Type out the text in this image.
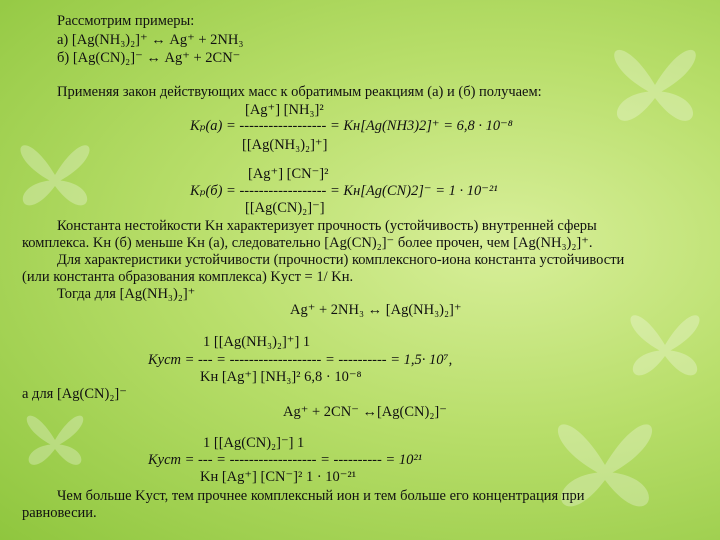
Рассмотрим примеры:
а) [Ag(NH₃)₂]⁺ ↔ Ag⁺ + 2NH₃
б) [Ag(CN)₂]⁻ ↔ Ag⁺ + 2CN⁻
Применяя закон действующих масс к обратимым реакциям (а) и (б) получаем:
[Ag⁺] [NH₃]²
Kₚ(а) = ------------------ = Kн[Ag(NH3)2]⁺ = 6,8 · 10⁻⁸
[[Ag(NH₃)₂]⁺]
[Ag⁺] [CN⁻]²
Kₚ(б) = ------------------ = Kн[Ag(CN)2]⁻ = 1 · 10⁻²¹
[[Ag(CN)₂]⁻]
Константа нестойкости Kн характеризует прочность (устойчивость) внутренней сферы
комплекса. Kн (б) меньше Kн (а), следовательно [Ag(CN)₂]⁻ более прочен, чем [Ag(NH₃)₂]⁺.
Для характеристики устойчивости (прочности) комплексного-иона константа устойчивости
(или константа образования комплекса) Kуст = 1/ Kн.
Тогда для [Ag(NH₃)₂]⁺
Ag⁺ + 2NH₃ ↔ [Ag(NH₃)₂]⁺
1 [[Ag(NH₃)₂]⁺] 1
Kуст = --- = ------------------- = ---------- = 1,5· 10⁷,
Kн [Ag⁺] [NH₃]² 6,8 · 10⁻⁸
а для [Ag(CN)₂]⁻
Ag⁺ + 2CN⁻ ↔[Ag(CN)₂]⁻
1 [[Ag(CN)₂]⁻] 1
Kуст = --- = ------------------ = ---------- = 10²¹
Kн [Ag⁺] [CN⁻]² 1 · 10⁻²¹
Чем больше Kуст, тем прочнее комплексный ион и тем больше его концентрация при
равновесии.
